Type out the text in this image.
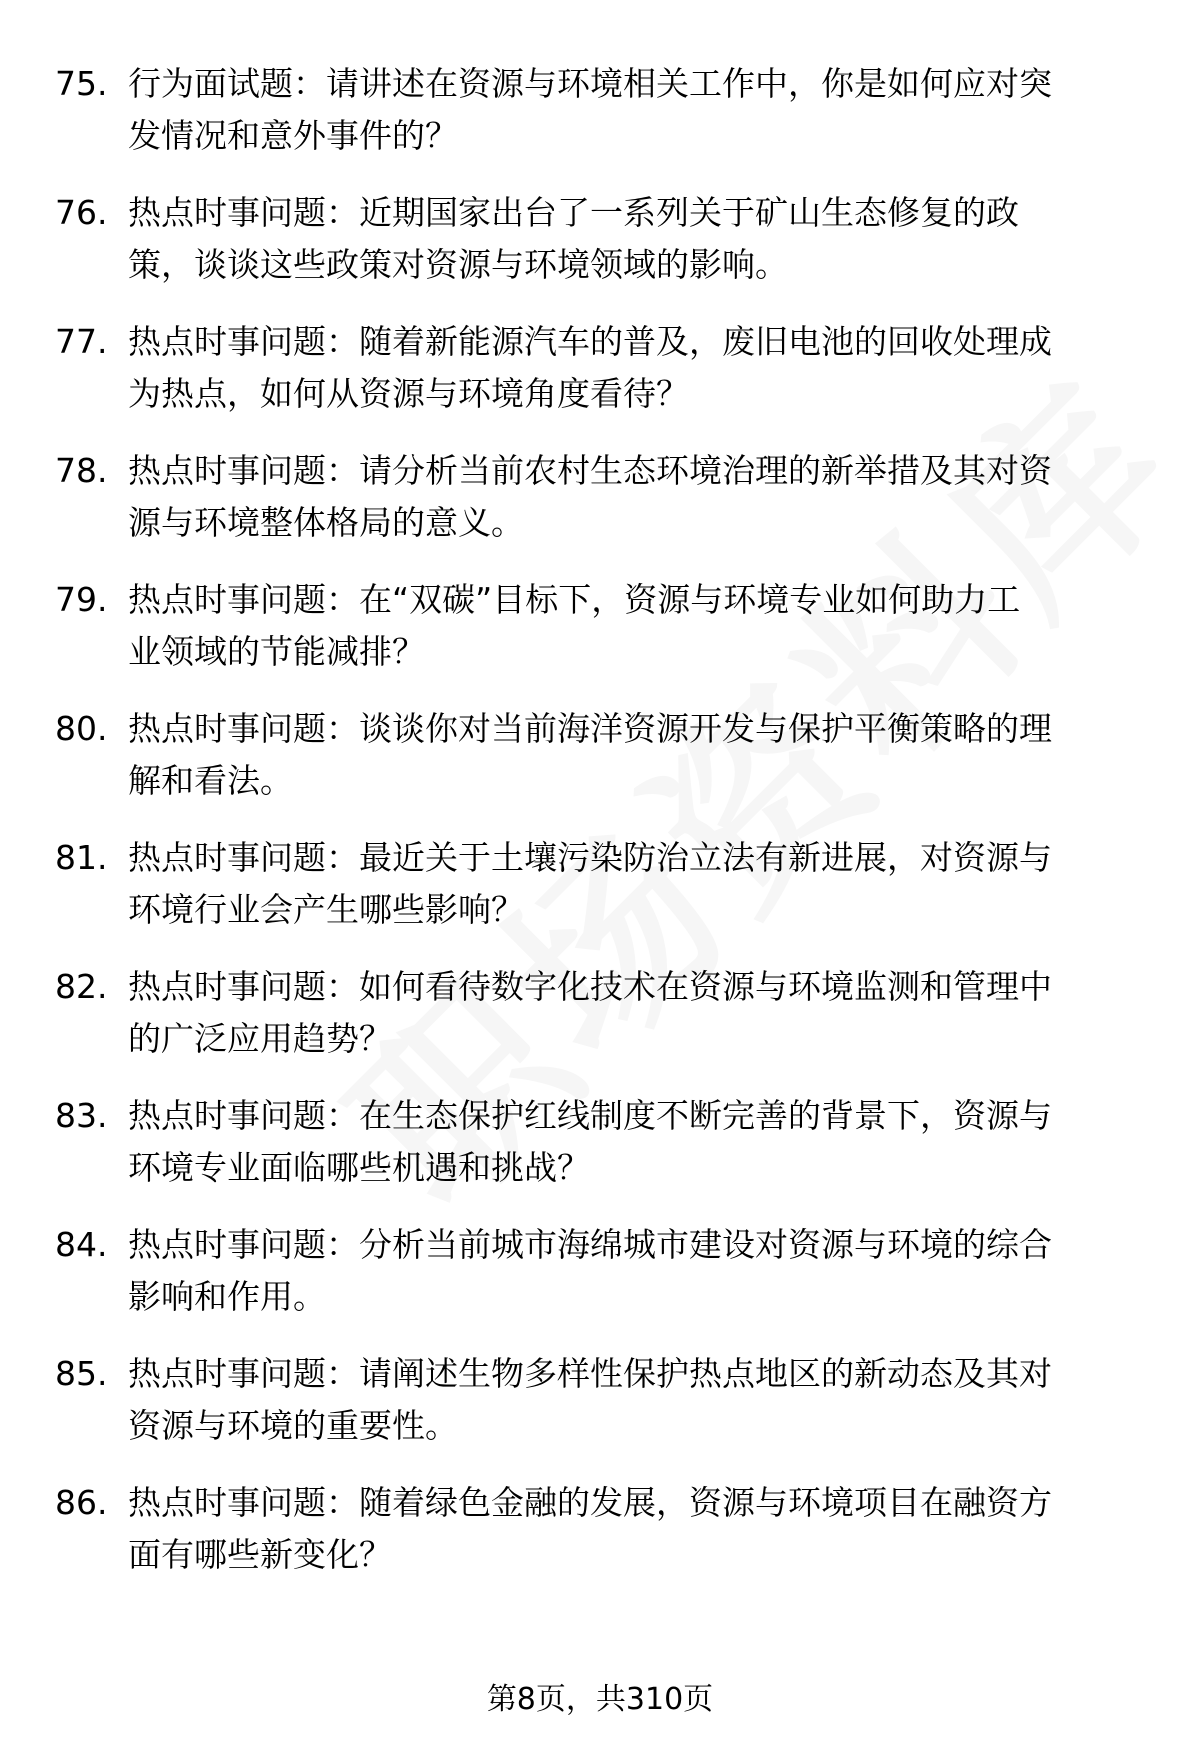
75. 行为面试题：请讲述在资源与环境相关工作中，你是如何应对突
发情况和意外事件的？
76. 热点时事问题：近期国家出台了一系列关于矿山生态修复的政
策，谈谈这些政策对资源与环境领域的影响。
77. 热点时事问题：随着新能源汽车的普及，废旧电池的回收处理成
为热点，如何从资源与环境角度看待？
78. 热点时事问题：请分析当前农村生态环境治理的新举措及其对资
源与环境整体格局的意义。
79. 热点时事问题：在“双碳”目标下，资源与环境专业如何助力工
业领域的节能减排？
80. 热点时事问题：谈谈你对当前海洋资源开发与保护平衡策略的理
解和看法。
81. 热点时事问题：最近关于土壤污染防治立法有新进展，对资源与
环境行业会产生哪些影响？
82. 热点时事问题：如何看待数字化技术在资源与环境监测和管理中
的广泛应用趋势？
83. 热点时事问题：在生态保护红线制度不断完善的背景下，资源与
环境专业面临哪些机遇和挑战？
84. 热点时事问题：分析当前城市海绵城市建设对资源与环境的综合
影响和作用。
85. 热点时事问题：请阐述生物多样性保护热点地区的新动态及其对
资源与环境的重要性。
86. 热点时事问题：随着绿色金融的发展，资源与环境项目在融资方
面有哪些新变化？
第8页，共310页
